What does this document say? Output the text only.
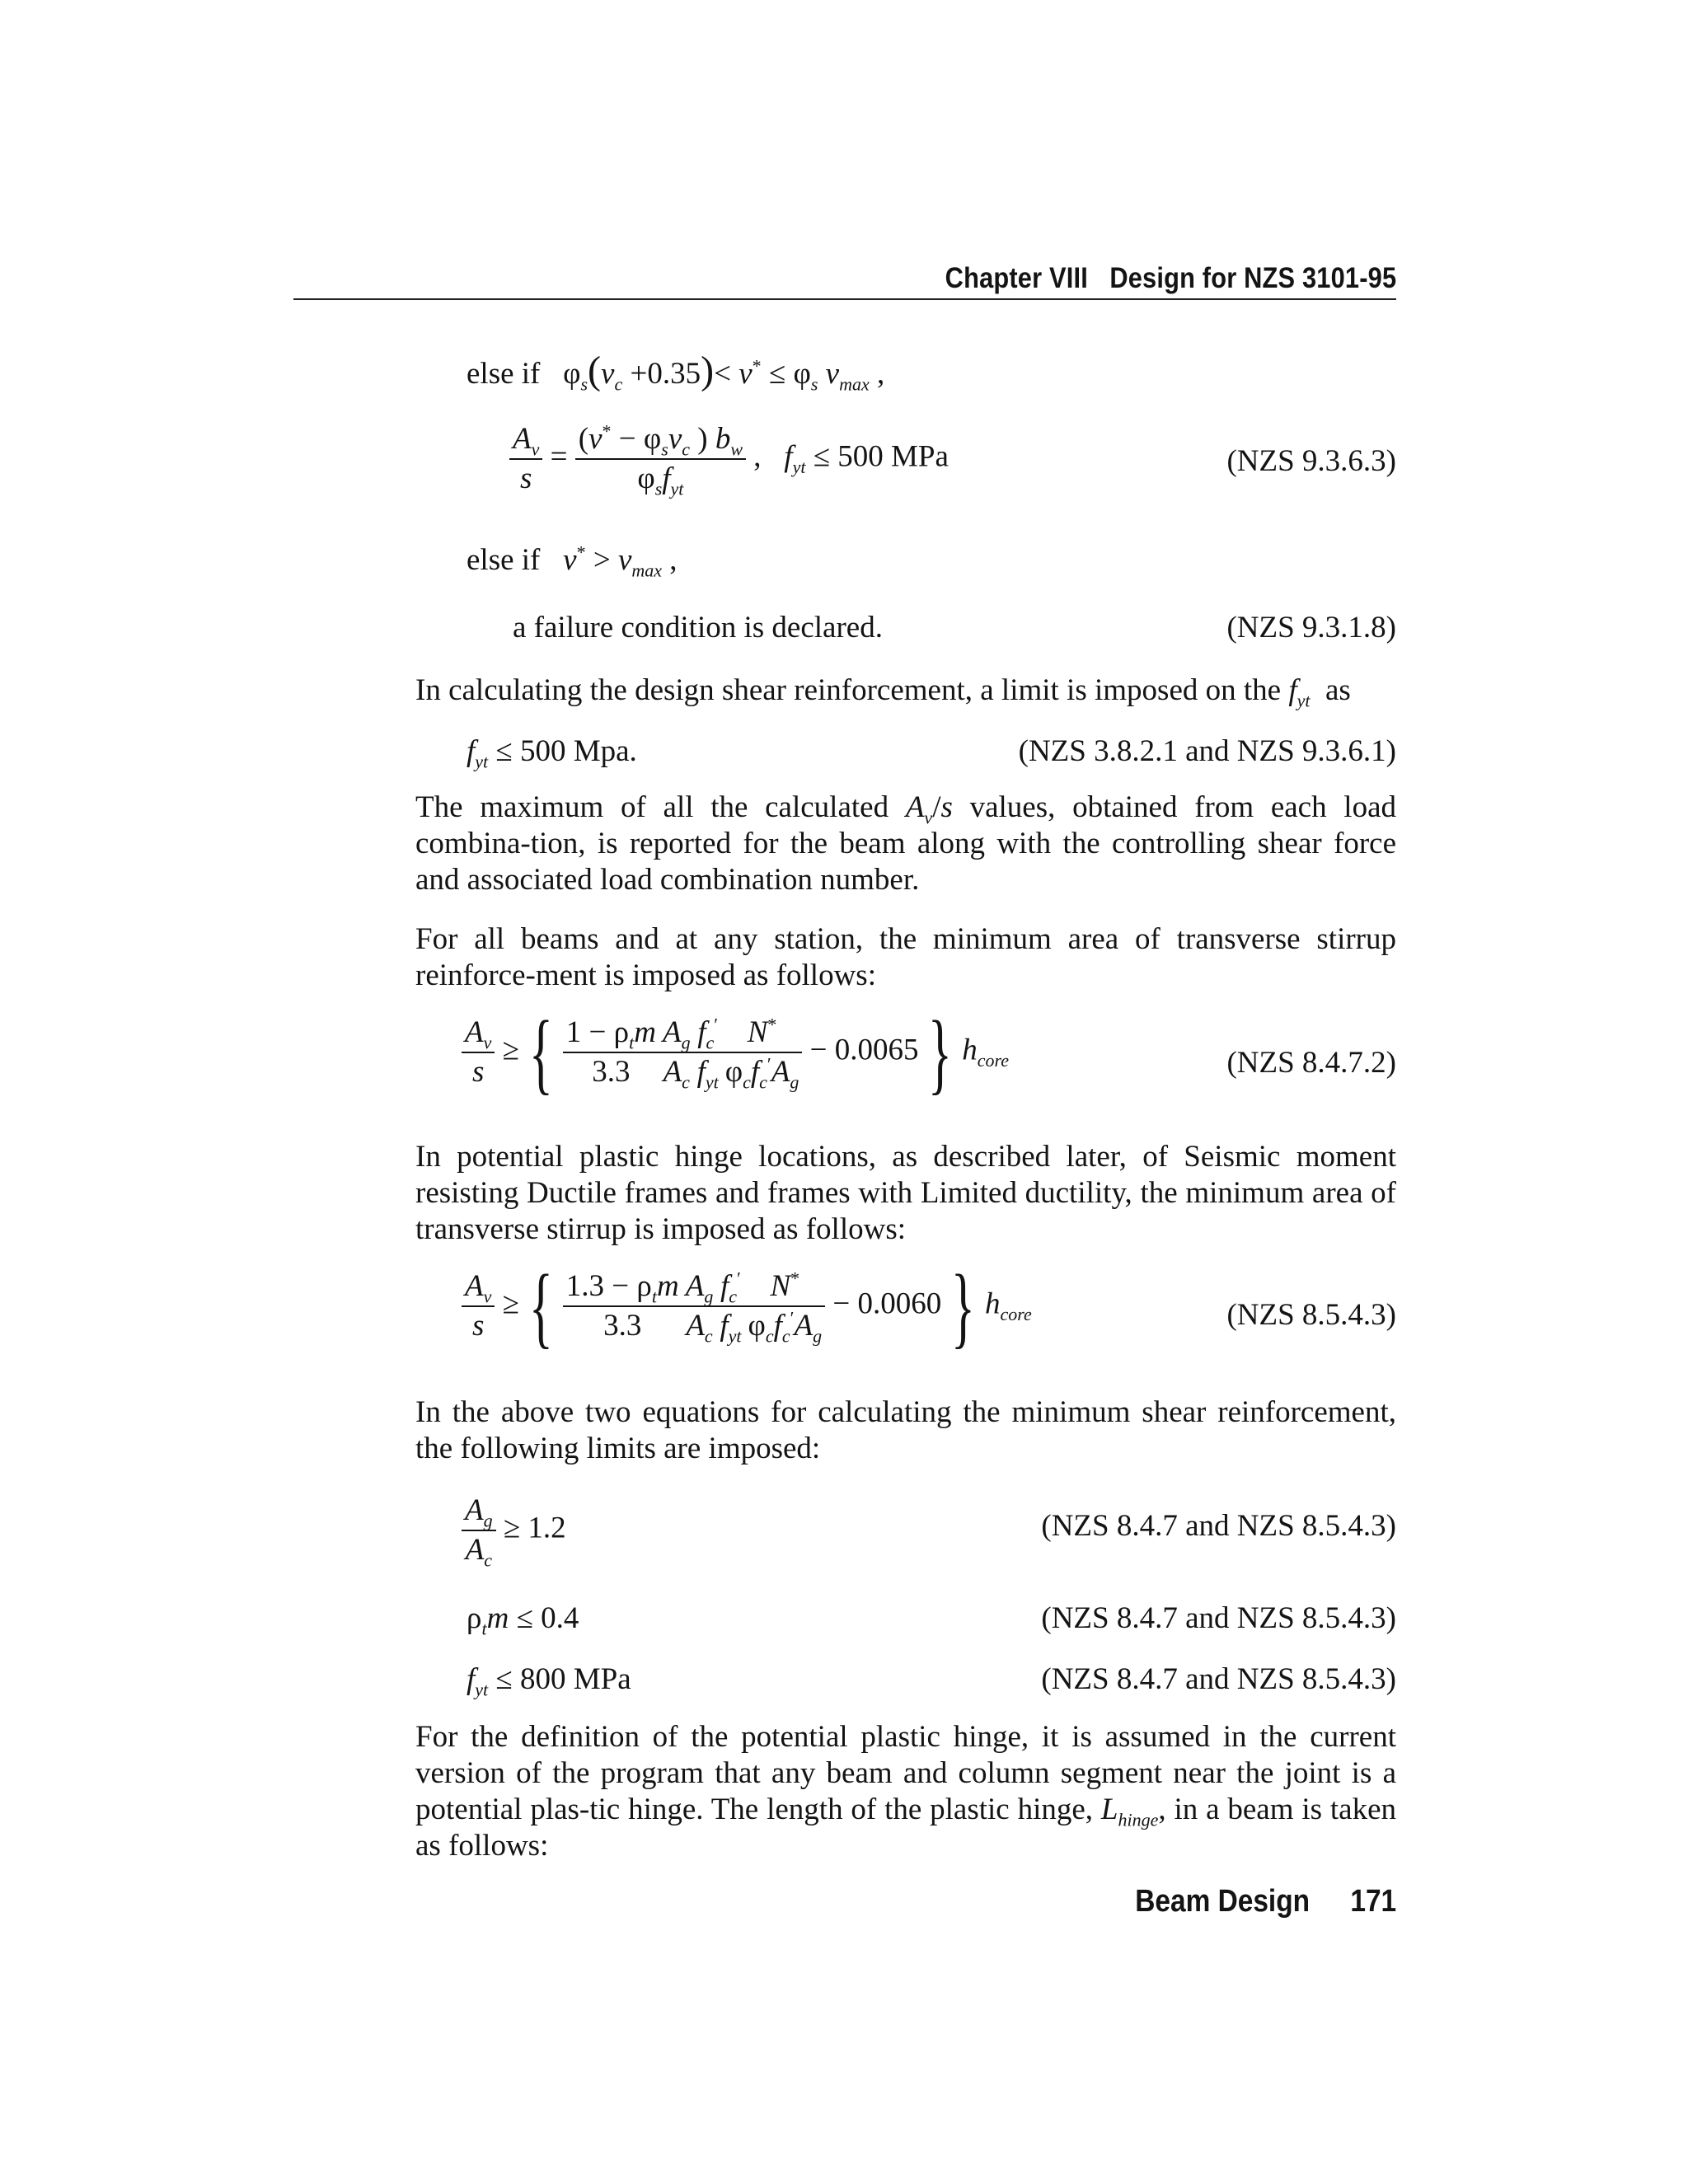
Chapter VIII Design for NZS 3101-95
else if   $\varphi_s(v_c +0.35)< v^* \le \varphi_s$ $v_{max}$ ,
$\frac{A_v}{s} = \frac{(v^* - \varphi_sv_c ) b_w}{\varphi_sf_{yt}}$ ,   $f_{yt} \le 500$ MPa	(NZS 9.3.6.3)
else if $v^* > v_{max}$ ,
a failure condition is declared.	(NZS 9.3.1.8)
In calculating the design shear reinforcement, a limit is imposed on the $f_{yt}$ as
$f_{yt} \le 500$ Mpa.	(NZS 3.8.2.1 and NZS 9.3.6.1)
The maximum of all the calculated $A_v/s$ values, obtained from each load combina-tion, is reported for the beam along with the controlling shear force and associated load combination number.
For all beams and at any station, the minimum area of transverse stirrup reinforce-ment is imposed as follows:
$\frac{A_v}{s}$ ≥ { $\frac{1 - \rho_tm}{3.3} \frac{A_g}{A_c} \frac{f_c'}{f_{yt}} \frac{N^*}{\varphi_cf_c'A_g} - 0.0065$ } $h_{core}$	(NZS 8.4.7.2)
In potential plastic hinge locations, as described later, of Seismic moment resisting Ductile frames and frames with Limited ductility, the minimum area of transverse stirrup is imposed as follows:
$\frac{A_v}{s}$ ≥ { $\frac{1.3 - \rho_tm}{3.3} \frac{A_g}{A_c} \frac{f_c'}{f_{yt}} \frac{N^*}{\varphi_cf_c'A_g} - 0.0060$ } $h_{core}$	(NZS 8.5.4.3)
In the above two equations for calculating the minimum shear reinforcement, the following limits are imposed:
$\frac{A_g}{A_c} \ge 1.2$	(NZS 8.4.7 and NZS 8.5.4.3)
$\rho_tm \le 0.4$	(NZS 8.4.7 and NZS 8.5.4.3)
$f_{yt} \le 800$ MPa	(NZS 8.4.7 and NZS 8.5.4.3)
For the definition of the potential plastic hinge, it is assumed in the current version of the program that any beam and column segment near the joint is a potential plas-tic hinge. The length of the plastic hinge, $L_{hinge}$, in a beam is taken as follows:
Beam Design 171
